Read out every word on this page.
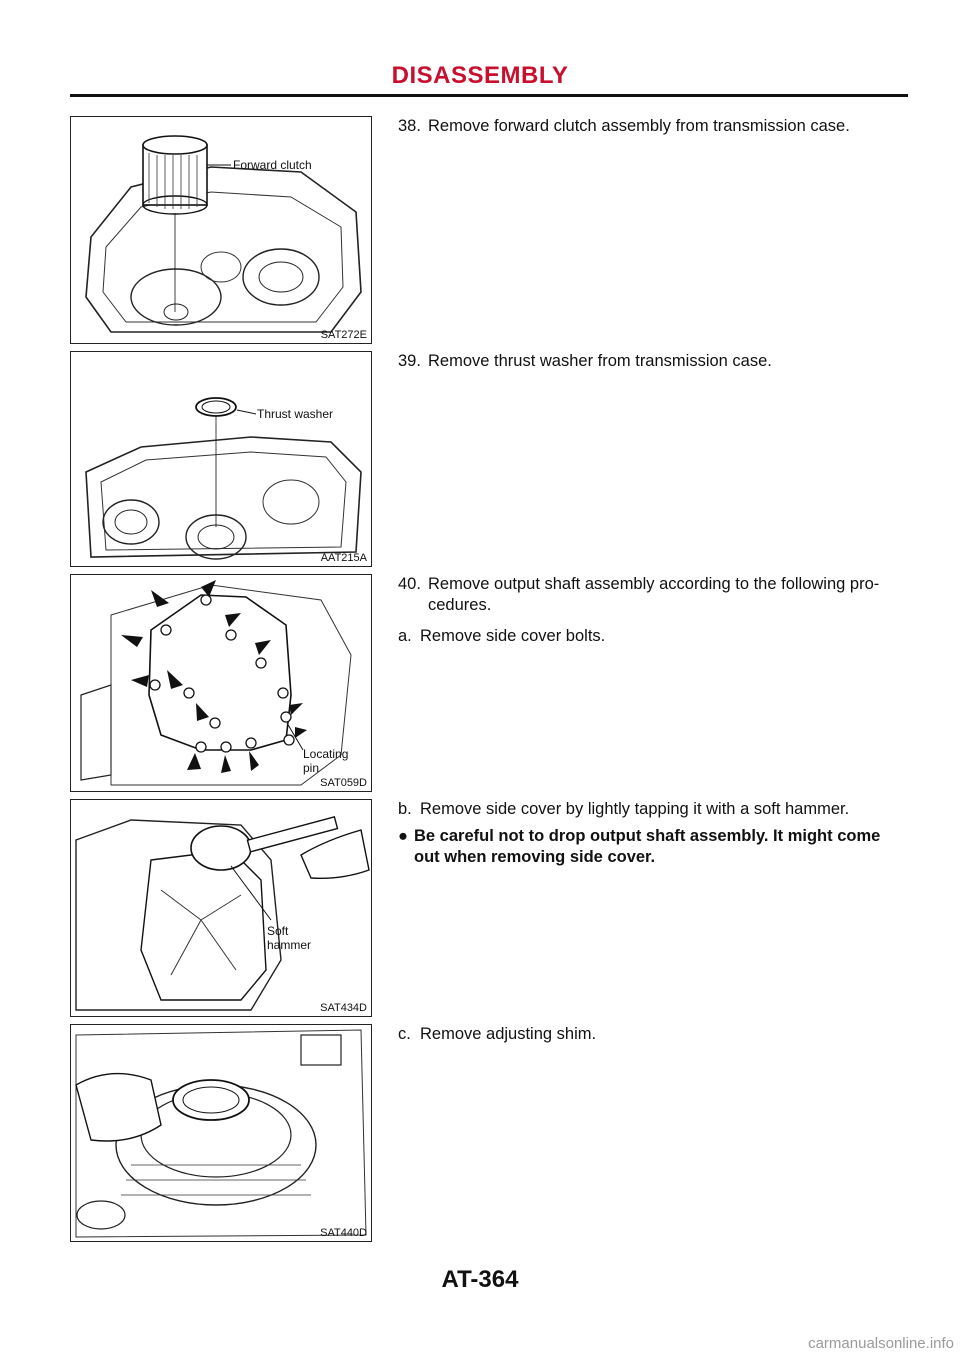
DISASSEMBLY
Forward clutch
SAT272E
38. Remove forward clutch assembly from transmission case.
Thrust washer
AAT215A
39. Remove thrust washer from transmission case.
Locating
pin
SAT059D
40. Remove output shaft assembly according to the following pro- cedures.
a. Remove side cover bolts.
Soft
hammer
SAT434D
b. Remove side cover by lightly tapping it with a soft hammer.
● Be careful not to drop output shaft assembly. It might come out when removing side cover.
SAT440D
c. Remove adjusting shim.
AT-364
carmanualsonline.info
